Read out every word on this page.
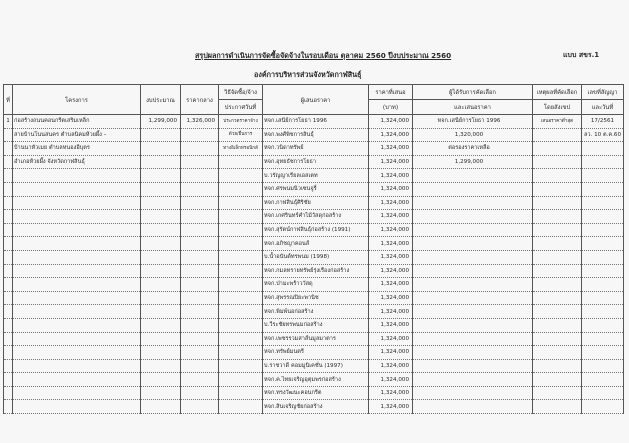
สรุปผลการดำเนินการจัดซื้อจัดจ้างในรอบเดือน ตุลาคม 2560 ปีงบประมาณ 2560	แบบ สขร.1
องค์การบริหารส่วนจังหวัดกาฬสินธุ์
ที่	โครงการ	งบประมาณ	ราคากลาง	วิธีจัดซื้อ/จ้าง	ผู้เสนอราคา	ราคาที่เสนอ	ผู้ได้รับการคัดเลือก	เหตุผลที่คัดเลือก	เลขที่สัญญา
				ประกาศวันที่		(บาท)	และเสนอราคา	โดยสังเขป	และวันที่
1	ก่อสร้างถนนคอนกรีตเสริมเหล็ก	1,299,000	1,326,000	ประกวดราคาจ้าง	หจก.เสนีย์การโยธา 1996	1,324,000	หจก.เสนีย์การโยธา 1996	เสนอราคาต่ำสุด	17/2561
	สายบ้านโนนสนคร ตำบลนิคมห้วยผึ้ง –			ด้วย/ยื่นการ	หจก.พงศ์พิชการสินธุ์	1,324,000	1,320,000		ลว. 10 ต.ค.60
	บ้านนาหัวเมย ตำบลหนองอีบุตร			ทางอิเล็กทรอนิกส์	หจก.วนิดาทรัพย์	1,324,000	ต่อรองราคาเหลือ		
	อำเภอห้วยผึ้ง จังหวัดกาฬสินธุ์				หจก.อุทยธัชการโยธา	1,324,000	1,299,000		
					บ.วรัญญาเรียลเอสเตท	1,324,000			
					หจก.ศรพนมนิวเซนจูรี่	1,324,000			
					หจก.กาฬสินธุ์ศิริชัย	1,324,000			
					หจก.เกศรินทร์คำไม้วัสดุก่อสร้าง	1,324,000			
					หจก.สุรัตน์กาฬสินธุ์ก่อสร้าง (1991)	1,324,000			
					หจก.อภิชญาคอนส์	1,324,000			
					บ.น้ำอนันต์ทรพนม (1998)	1,324,000			
					หจก.กมลทรายทรัพย์รุ่งเรืองก่อสร้าง	1,324,000			
					หจก.ป่ามะพร้าววัสดุ	1,324,000			
					หจก.สุพรรณปิยะพานิช	1,324,000			
					หจก.พิมพ์นอก่อสร้าง	1,324,000			
					บ.วีระชัยทรพนมก่อสร้าง	1,324,000			
					หจก.เพชรรวมสาส์นมูลมาตาร	1,324,000			
					หจก.ทรัพย์มนตรี	1,324,000			
					บ.ราชวาดี คอมมูนิเคชั่น (1997)	1,324,000			
					หจก.ค.ไทยเจริญอุตุมพรก่อสร้าง	1,324,000			
					หจก.ทรงวัฒนะคอนกรีต	1,324,000			
					หจก.สินเจริญชัยก่อสร้าง	1,324,000			
